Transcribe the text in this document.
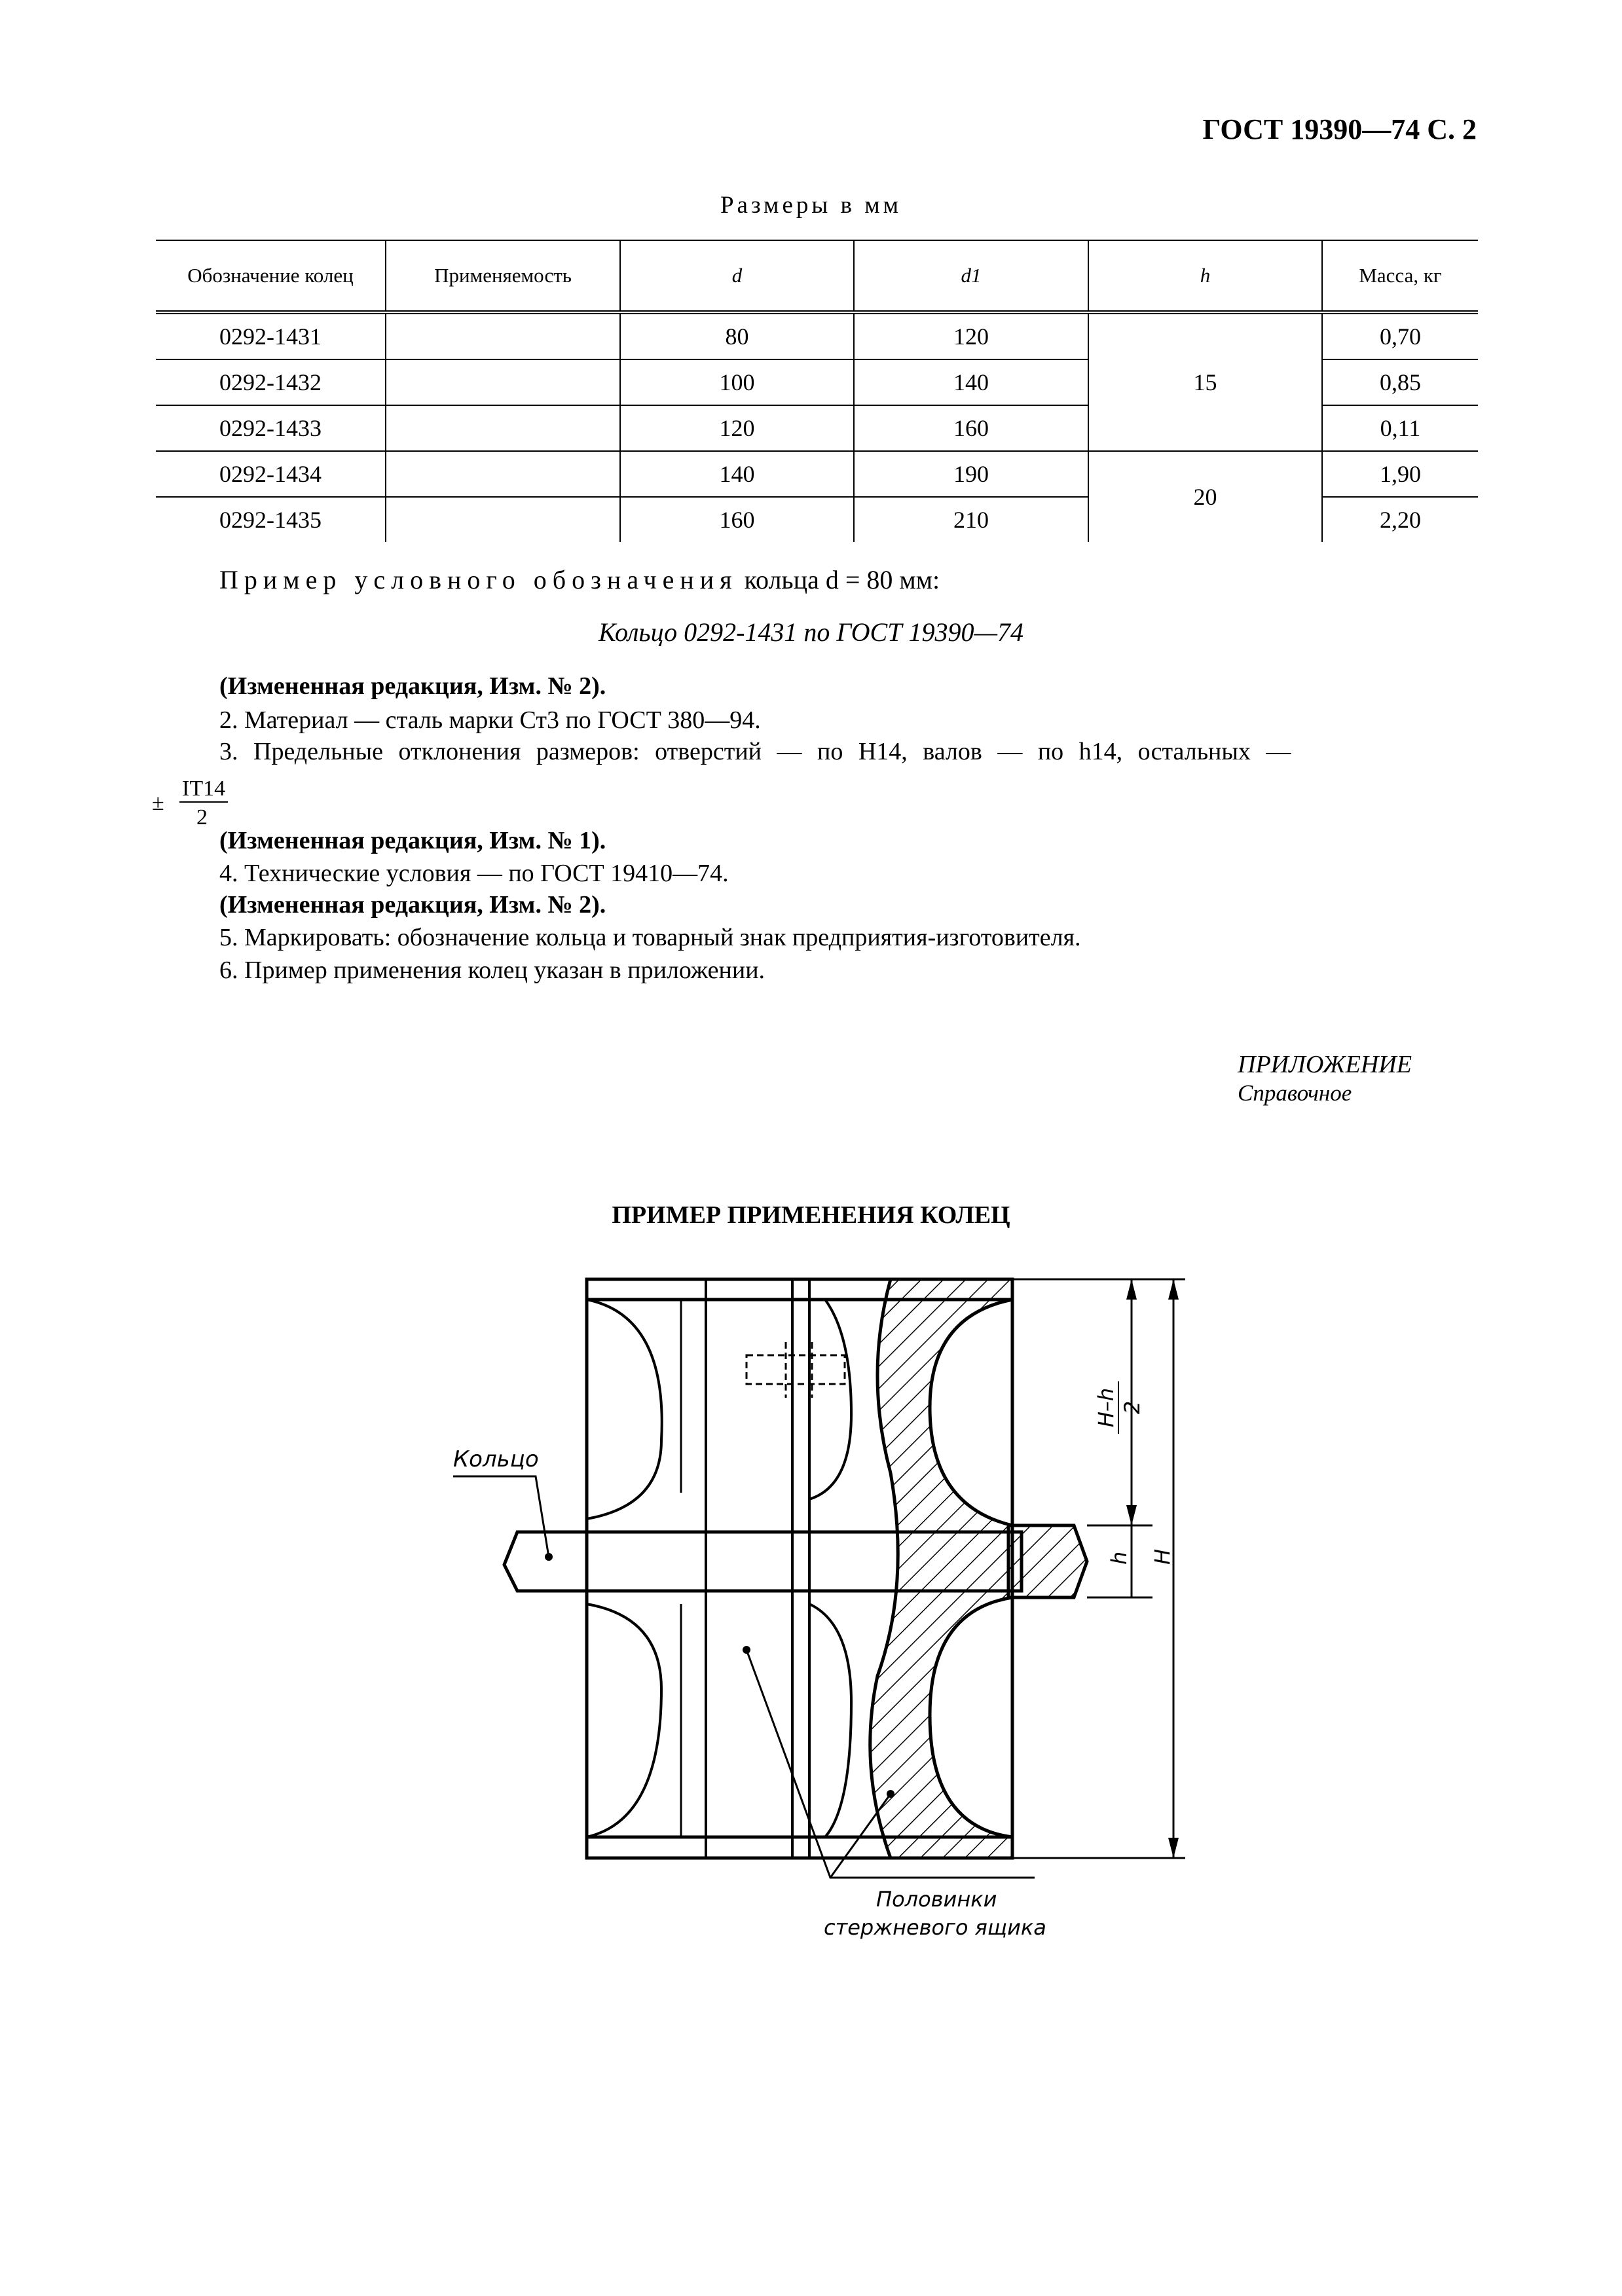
ГОСТ 19390—74 С. 2
Размеры в мм
Обозначение колец	Применяемость	d	d1	h	Масса, кг
0292-1431		80	120	15	0,70
0292-1432		100	140		0,85
0292-1433		120	160		0,11
0292-1434		140	190	20	1,90
0292-1435		160	210		2,20
Пример условного обозначения кольца d = 80 мм:
Кольцо 0292-1431 по ГОСТ 19390—74
(Измененная редакция, Изм. № 2).
2. Материал — сталь марки Ст3 по ГОСТ 380—94.
3. Предельные отклонения размеров: отверстий — по H14, валов — по h14, остальных —
±
IT14
2
(Измененная редакция, Изм. № 1).
4. Технические условия — по ГОСТ 19410—74.
(Измененная редакция, Изм. № 2).
5. Маркировать: обозначение кольца и товарный знак предприятия-изготовителя.
6. Пример применения колец указан в приложении.
ПРИЛОЖЕНИЕ
Справочное
ПРИМЕР ПРИМЕНЕНИЯ КОЛЕЦ
Кольцо
Половинки
стержневого ящика
H–h 2
h H
